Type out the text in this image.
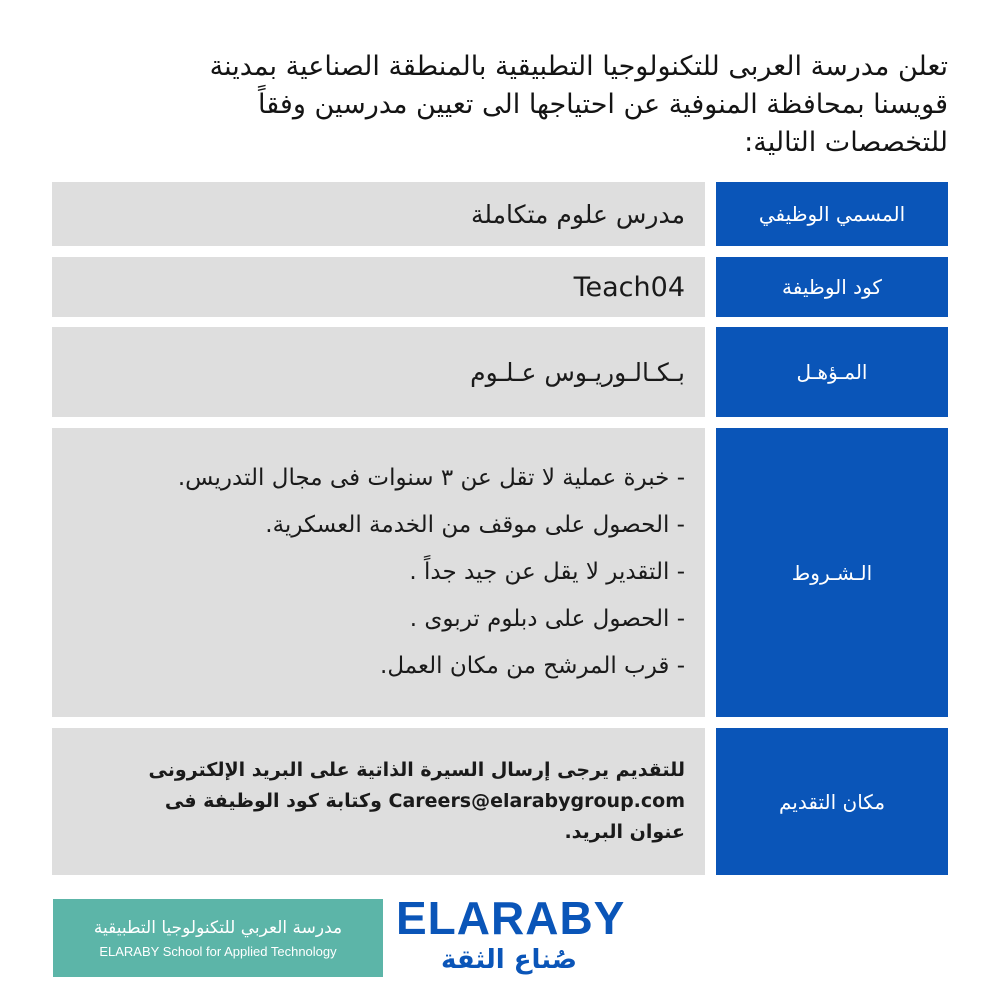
تعلن مدرسة العربى للتكنولوجيا التطبيقية بالمنطقة الصناعية بمدينة
قويسنا بمحافظة المنوفية عن احتياجها الى تعيين مدرسين وفقاً
للتخصصات التالية:
المسمي الوظيفي
مدرس علوم متكاملة
كود الوظيفة
Teach04
المـؤهـل
بـكـالـوريـوس عـلـوم
الـشـروط
- خبرة عملية لا تقل عن ٣ سنوات فى مجال التدريس.
- الحصول على موقف من الخدمة العسكرية.
- التقدير لا يقل عن جيد جداً .
- الحصول على دبلوم تربوى .
- قرب المرشح من مكان العمل.
مكان التقديم
للتقديم يرجى إرسال السيرة الذاتية على البريد الإلكترونى
Careers@elarabygroup.com وكتابة كود الوظيفة فى
عنوان البريد.
مدرسة العربي للتكنولوجيا التطبيقية
ELARABY School for Applied Technology
ELARABY
صُناع الثقة
